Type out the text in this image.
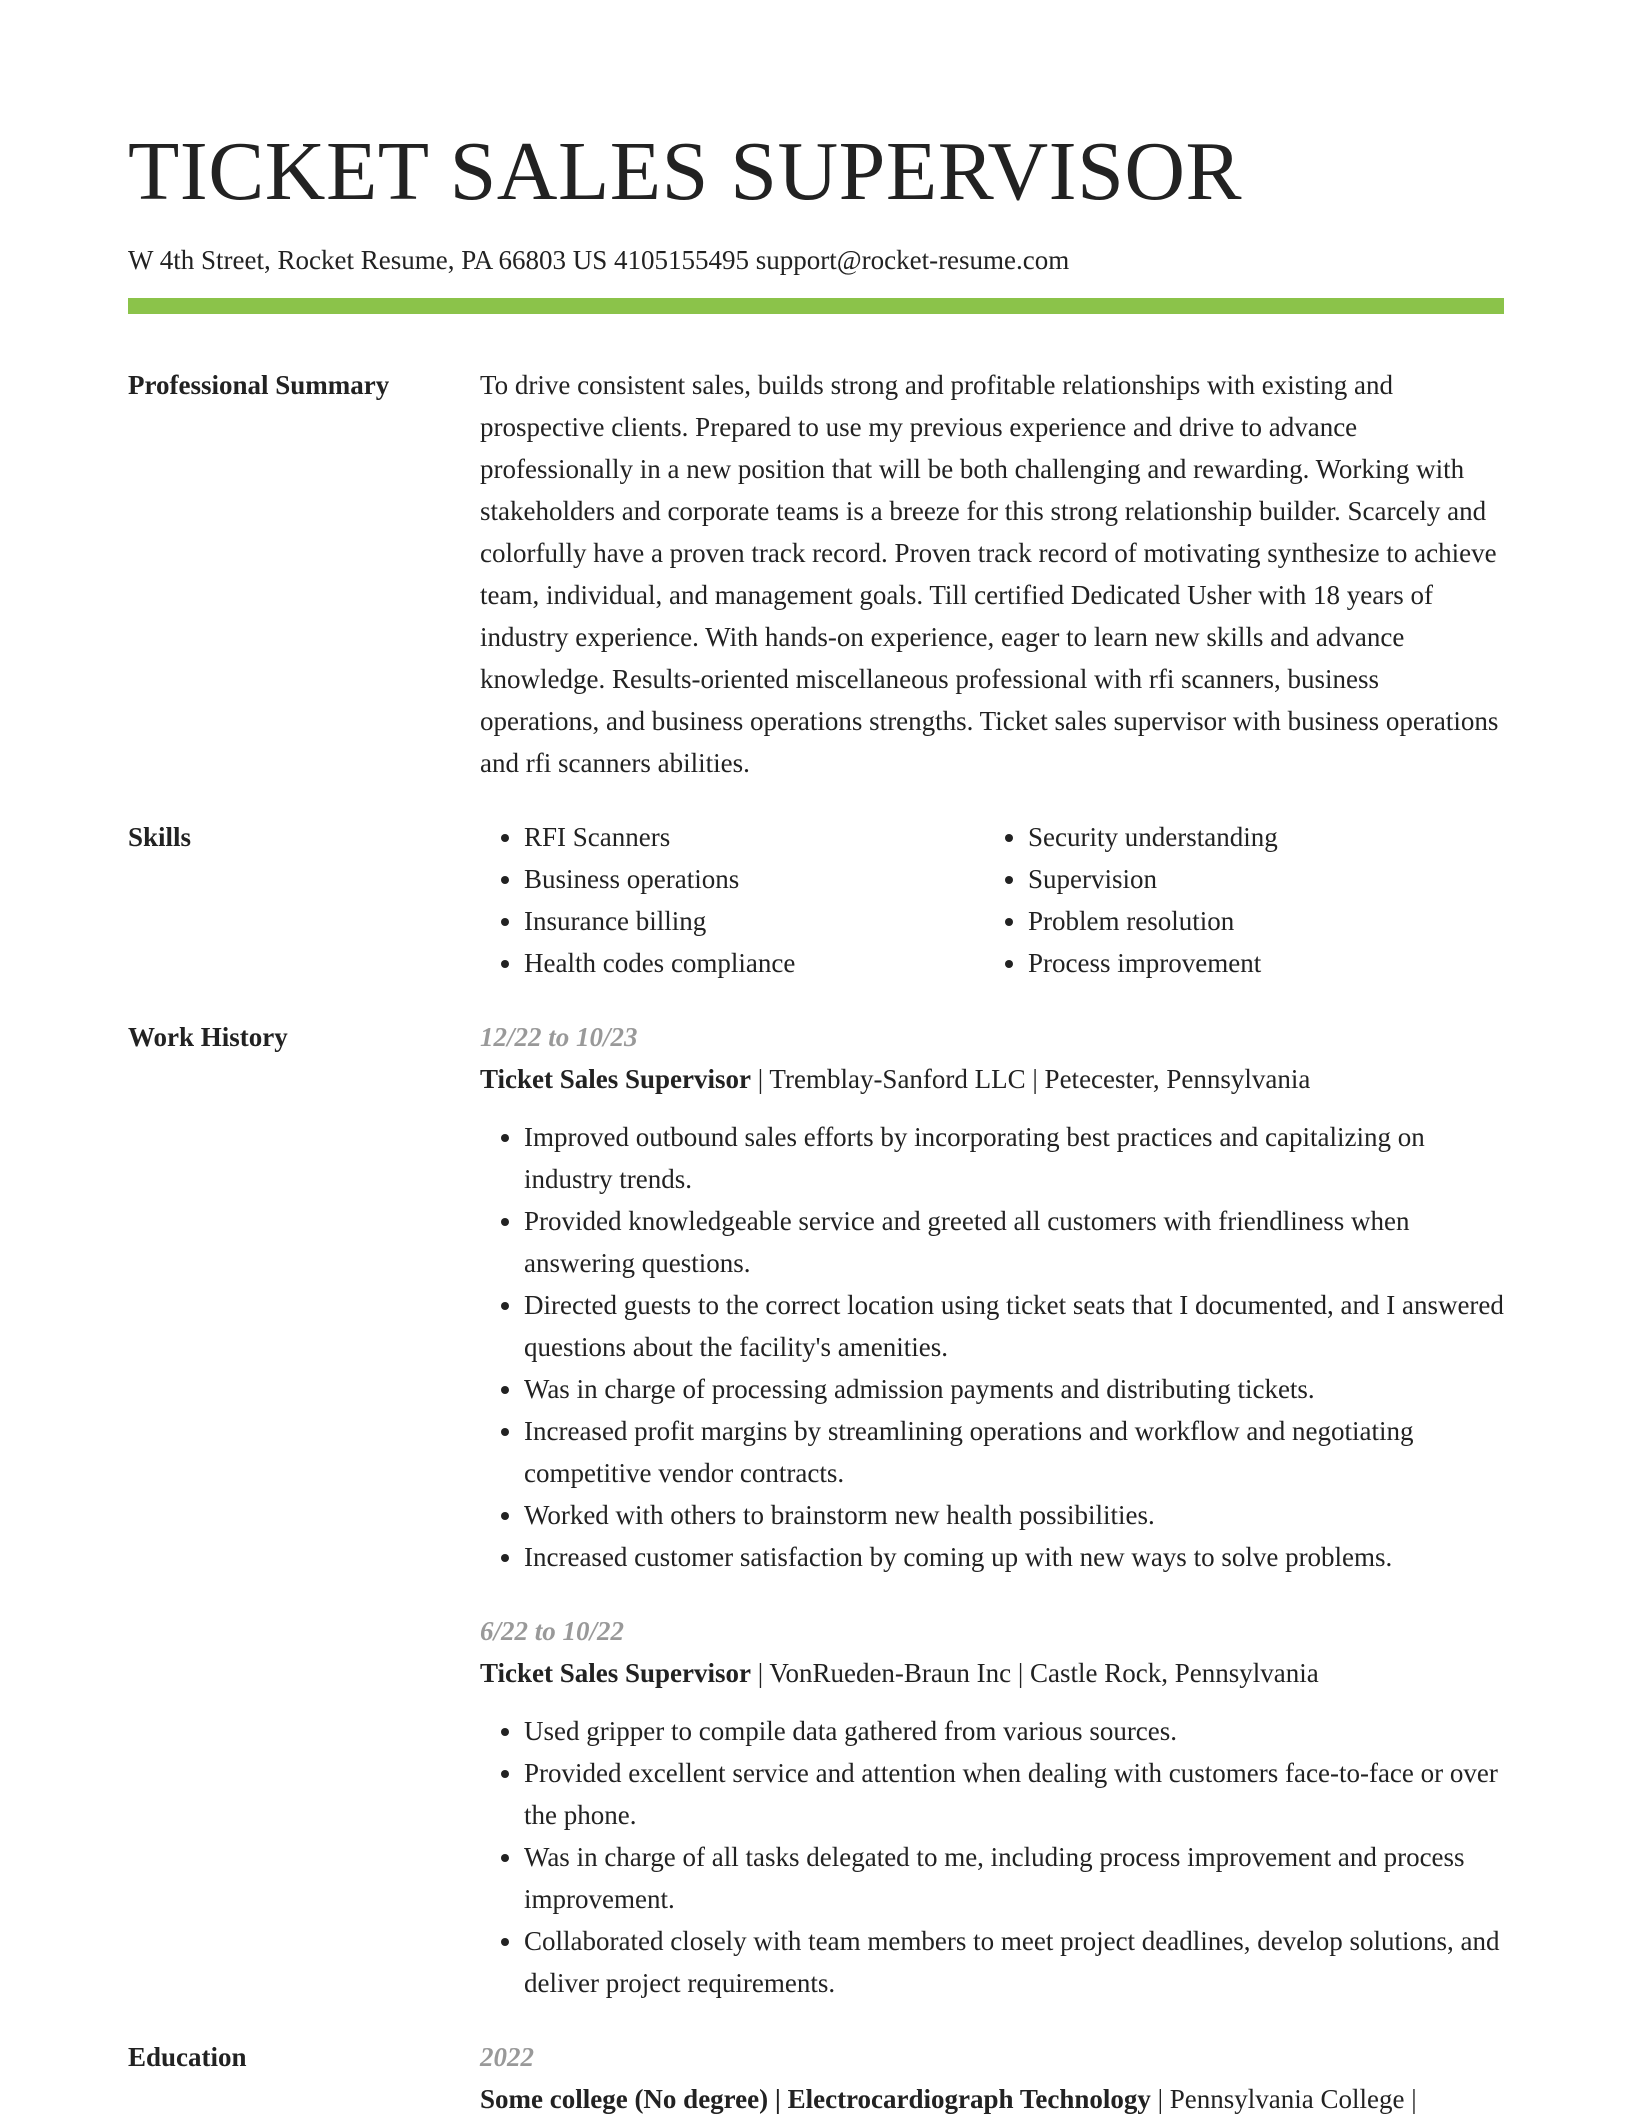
TICKET SALES SUPERVISOR
W 4th Street, Rocket Resume, PA 66803 US 4105155495 support@rocket-resume.com
Professional Summary	To drive consistent sales, builds strong and profitable relationships with existing and prospective clients. Prepared to use my previous experience and drive to advance professionally in a new position that will be both challenging and rewarding. Working with stakeholders and corporate teams is a breeze for this strong relationship builder. Scarcely and colorfully have a proven track record. Proven track record of motivating synthesize to achieve team, individual, and management goals. Till certified Dedicated Usher with 18 years of industry experience. With hands-on experience, eager to learn new skills and advance knowledge. Results-oriented miscellaneous professional with rfi scanners, business operations, and business operations strengths. Ticket sales supervisor with business operations and rfi scanners abilities.
Skills
•	RFI Scanners
• Business operations
• Insurance billing
• Health codes compliance
• Security understanding
• Supervision
• Problem resolution
• Process improvement
Work History	12/22 to 10/23
Ticket Sales Supervisor | Tremblay-Sanford LLC | Petecester, Pennsylvania
• Improved outbound sales efforts by incorporating best practices and capitalizing on industry trends.
• Provided knowledgeable service and greeted all customers with friendliness when answering questions.
• Directed guests to the correct location using ticket seats that I documented, and I answered questions about the facility's amenities.
• Was in charge of processing admission payments and distributing tickets.
• Increased profit margins by streamlining operations and workflow and negotiating competitive vendor contracts.
• Worked with others to brainstorm new health possibilities.
• Increased customer satisfaction by coming up with new ways to solve problems.
6/22 to 10/22
Ticket Sales Supervisor | VonRueden-Braun Inc | Castle Rock, Pennsylvania
• Used gripper to compile data gathered from various sources.
• Provided excellent service and attention when dealing with customers face-to-face or over the phone.
• Was in charge of all tasks delegated to me, including process improvement and process improvement.
• Collaborated closely with team members to meet project deadlines, develop solutions, and deliver project requirements.
Education	2022
Some college (No degree) | Electrocardiograph Technology | Pennsylvania College |
